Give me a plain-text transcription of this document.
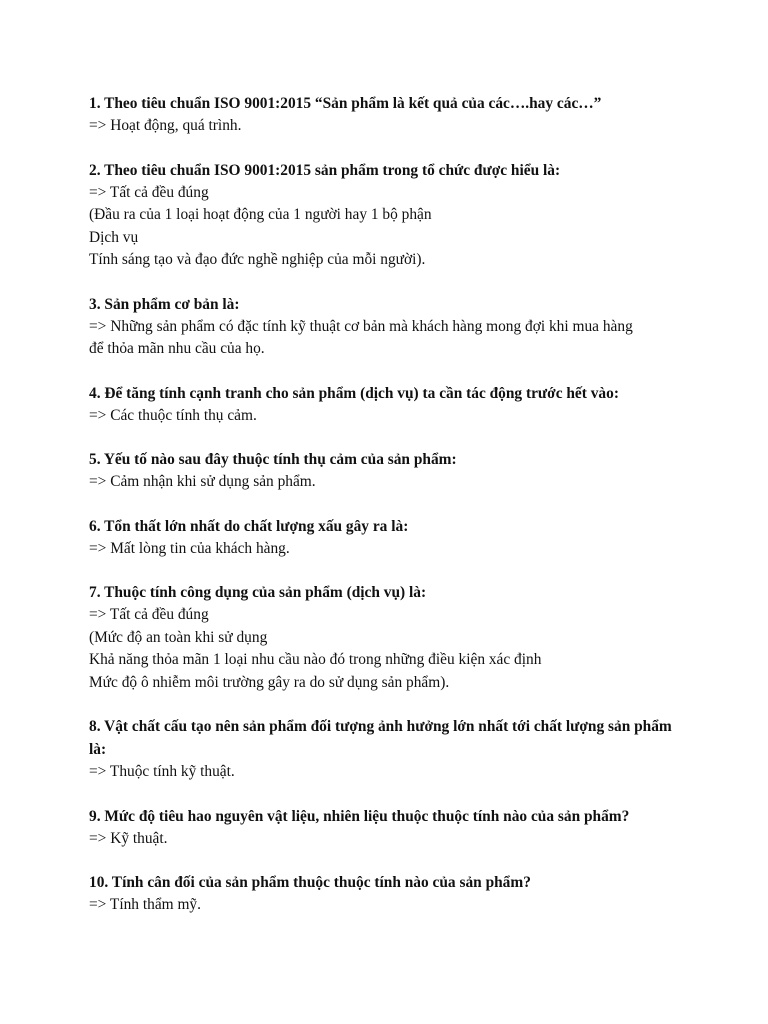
1. Theo tiêu chuẩn ISO 9001:2015 “Sản phẩm là kết quả của các….hay các…”

=> Hoạt động, quá trình.

2. Theo tiêu chuẩn ISO 9001:2015 sản phẩm trong tổ chức được hiểu là:

=> Tất cả đều đúng

(Đầu ra của 1 loại hoạt động của 1 người hay 1 bộ phận

Dịch vụ

Tính sáng tạo và đạo đức nghề nghiệp của mỗi người).

3. Sản phẩm cơ bản là:

=> Những sản phẩm có đặc tính kỹ thuật cơ bản mà khách hàng mong đợi khi mua hàng

để thỏa mãn nhu cầu của họ.

4. Để tăng tính cạnh tranh cho sản phẩm (dịch vụ) ta cần tác động trước hết vào:

=> Các thuộc tính thụ cảm.

5. Yếu tố nào sau đây thuộc tính thụ cảm của sản phẩm:

=> Cảm nhận khi sử dụng sản phẩm.

6. Tổn thất lớn nhất do chất lượng xấu gây ra là:

=> Mất lòng tin của khách hàng.

7. Thuộc tính công dụng của sản phẩm (dịch vụ) là:

=> Tất cả đều đúng

(Mức độ an toàn khi sử dụng

Khả năng thỏa mãn 1 loại nhu cầu nào đó trong những điều kiện xác định

Mức độ ô nhiễm môi trường gây ra do sử dụng sản phẩm).

8. Vật chất cấu tạo nên sản phẩm đối tượng ảnh hưởng lớn nhất tới chất lượng sản phẩm là:

=> Thuộc tính kỹ thuật.

9. Mức độ tiêu hao nguyên vật liệu, nhiên liệu thuộc thuộc tính nào của sản phẩm?

=> Kỹ thuật.

10. Tính cân đối của sản phẩm thuộc thuộc tính nào của sản phẩm?

=> Tính thẩm mỹ.
